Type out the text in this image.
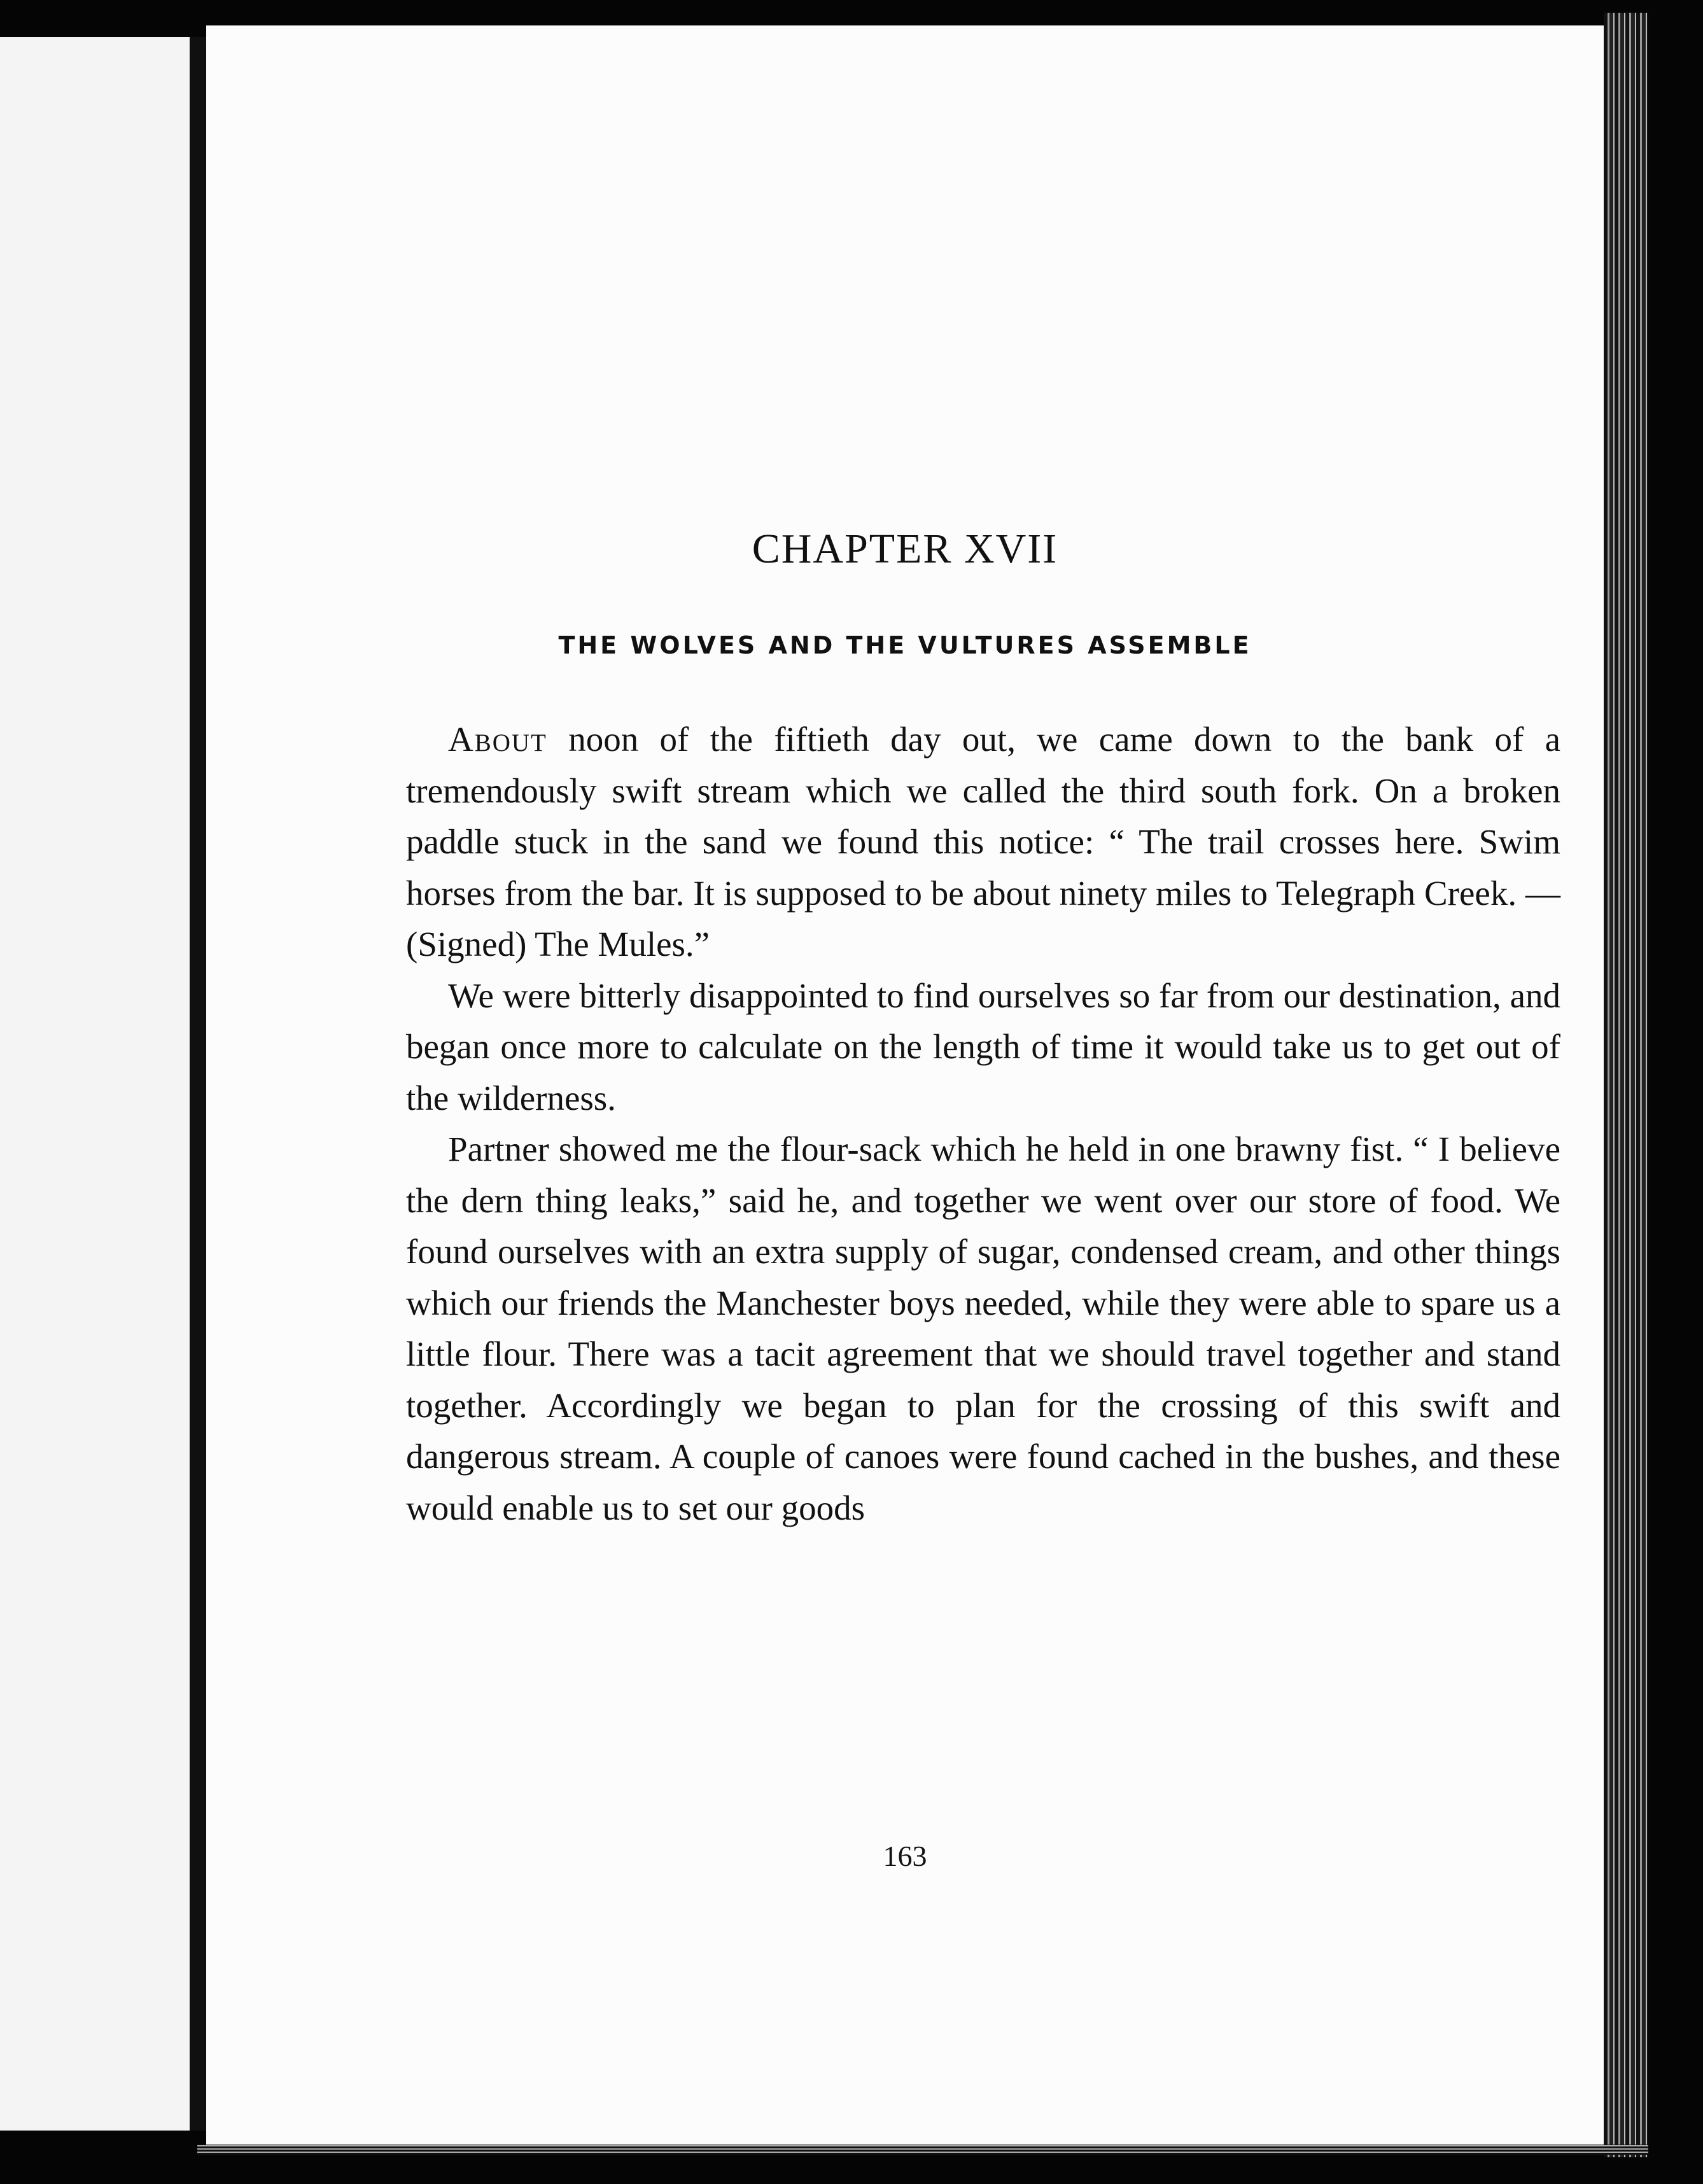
CHAPTER XVII
THE WOLVES AND THE VULTURES ASSEMBLE

About noon of the fiftieth day out, we came down to the bank of a tremendously swift stream which we called the third south fork. On a broken paddle stuck in the sand we found this notice: “ The trail crosses here. Swim horses from the bar. It is supposed to be about ninety miles to Telegraph Creek. — (Signed) The Mules.”

We were bitterly disappointed to find ourselves so far from our destination, and began once more to calculate on the length of time it would take us to get out of the wilderness.

Partner showed me the flour-sack which he held in one brawny fist. “ I believe the dern thing leaks,” said he, and together we went over our store of food. We found ourselves with an extra supply of sugar, condensed cream, and other things which our friends the Manchester boys needed, while they were able to spare us a little flour. There was a tacit agreement that we should travel together and stand together. Accordingly we began to plan for the crossing of this swift and dangerous stream. A couple of canoes were found cached in the bushes, and these would enable us to set our goods

163
